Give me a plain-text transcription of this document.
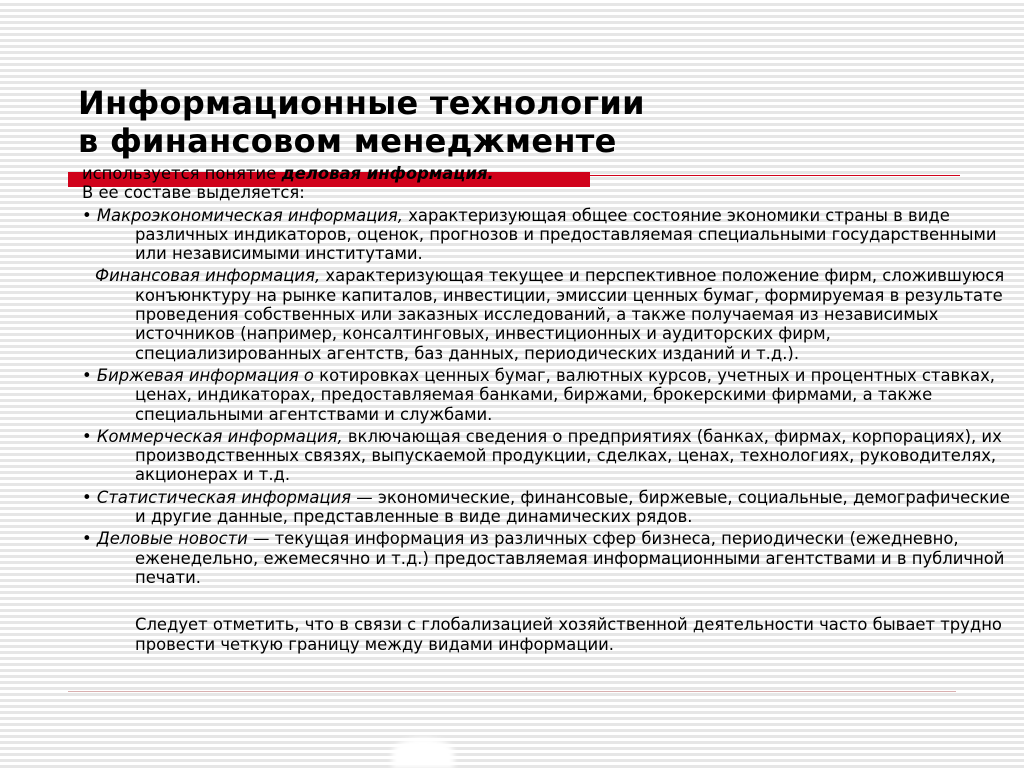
Информационные технологии
в финансовом менеджменте

используется понятие деловая информация.

В ее составе выделяется:

• Макроэкономическая информация, характеризующая общее состояние экономики страны в виде различных индикаторов, оценок, прогнозов и предоставляемая специальными государственными или независимыми институтами.

Финансовая информация, характеризующая текущее и перспективное положение фирм, сложившуюся конъюнктуру на рынке капиталов, инвестиции, эмиссии ценных бумаг, формируемая в результате проведения собственных или заказных исследований, а также получаемая из независимых источников (например, консалтинговых, инвестиционных и аудиторских фирм, специализированных агентств, баз данных, периодических изданий и т.д.).

• Биржевая информация о котировках ценных бумаг, валютных курсов, учетных и процентных ставках, ценах, индикаторах, предоставляемая банками, биржами, брокерскими фирмами, а также специальными агентствами и службами.

• Коммерческая информация, включающая сведения о предприятиях (банках, фирмах, корпорациях), их производственных связях, выпускаемой продукции, сделках, ценах, технологиях, руководителях, акционерах и т.д.

• Статистическая информация — экономические, финансовые, биржевые, социальные, демографические и другие данные, представленные в виде динамических рядов.

• Деловые новости — текущая информация из различных сфер бизнеса, периодически (ежедневно, еженедельно, ежемесячно и т.д.) предоставляемая информационными агентствами и в публичной печати.

Следует отметить, что в связи с глобализацией хозяйственной деятельности часто бывает трудно провести четкую границу между видами информации.
